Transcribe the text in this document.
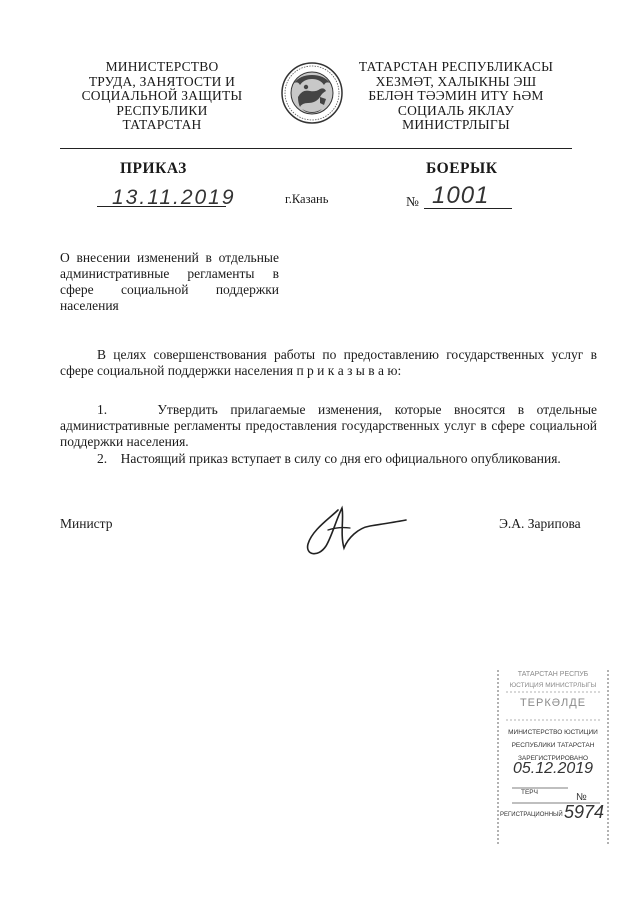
МИНИСТЕРСТВО
ТРУДА, ЗАНЯТОСТИ И
СОЦИАЛЬНОЙ ЗАЩИТЫ
РЕСПУБЛИКИ
ТАТАРСТАН
ТАТАРСТАН РЕСПУБЛИКАСЫ
ХЕЗМӘТ, ХАЛЫКНЫ ЭШ
БЕЛӘН ТӘЭМИН ИТҮ ҺӘМ
СОЦИАЛЬ ЯКЛАУ
МИНИСТРЛЫГЫ
ПРИКАЗ	БОЕРЫК
13.11.2019	г.Казань	№ 1001
О внесении изменений в отдельные административные регламенты в сфере социальной поддержки населения
В целях совершенствования работы по предоставлению государственных услуг в сфере социальной поддержки населения п р и к а з ы в а ю:
1.	Утвердить прилагаемые изменения, которые вносятся в отдельные административные регламенты предоставления государственных услуг в сфере социальной поддержки населения.
2. Настоящий приказ вступает в силу со дня его официального опубликования.
Министр	Э.А. Зарипова
ТАТАРСТАН РЕСПУБ
ЮСТИЦИЯ МИНИСТРЛЫГЫ
ТЕРКӘЛДЕ
МИНИСТЕРСТВО ЮСТИЦИИ
РЕСПУБЛИКИ ТАТАРСТАН
ЗАРЕГИСТРИРОВАНО
05.12.2019
ТЕРЧ	№
РЕГИСТРАЦИОННЫЙ 5974
